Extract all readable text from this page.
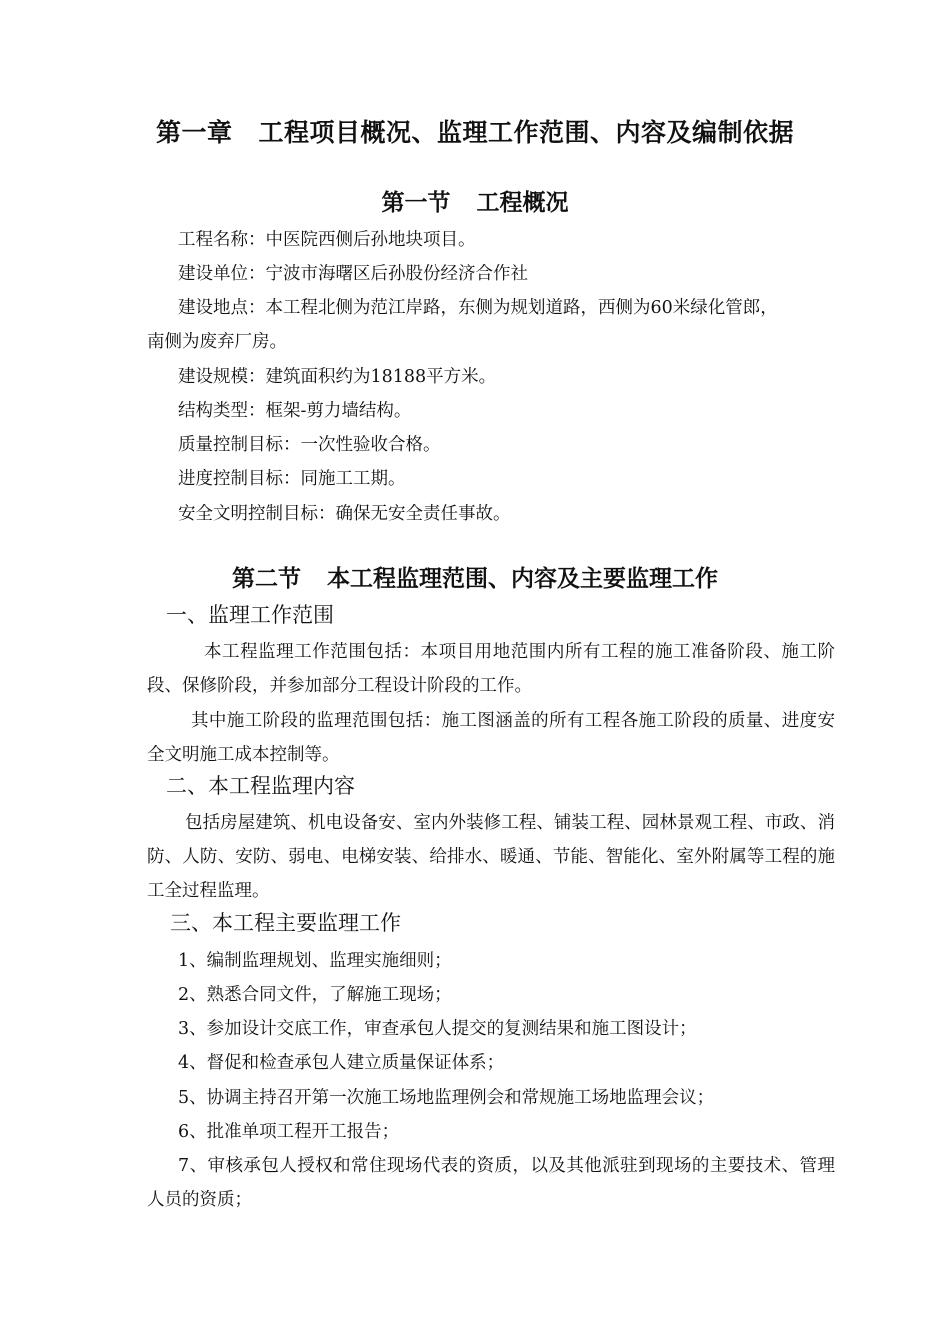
第一章 工程项目概况、监理工作范围、内容及编制依据
第一节 工程概况
工程名称：中医院西侧后孙地块项目。
建设单位：宁波市海曙区后孙股份经济合作社
建设地点：本工程北侧为范江岸路，东侧为规划道路，西侧为60米绿化管郎，
南侧为废弃厂房。
建设规模：建筑面积约为18188平方米。
结构类型：框架-剪力墙结构。
质量控制目标：一次性验收合格。
进度控制目标：同施工工期。
安全文明控制目标：确保无安全责任事故。
第二节 本工程监理范围、内容及主要监理工作
一、监理工作范围
本工程监理工作范围包括：本项目用地范围内所有工程的施工准备阶段、施工阶段、保修阶段，并参加部分工程设计阶段的工作。
其中施工阶段的监理范围包括：施工图涵盖的所有工程各施工阶段的质量、进度安全文明施工成本控制等。
二、本工程监理内容
包括房屋建筑、机电设备安、室内外装修工程、铺装工程、园林景观工程、市政、消防、人防、安防、弱电、电梯安装、给排水、暖通、节能、智能化、室外附属等工程的施工全过程监理。
三、本工程主要监理工作
1、编制监理规划、监理实施细则；
2、熟悉合同文件，了解施工现场；
3、参加设计交底工作，审查承包人提交的复测结果和施工图设计；
4、督促和检查承包人建立质量保证体系；
5、协调主持召开第一次施工场地监理例会和常规施工场地监理会议；
6、批准单项工程开工报告；
7、审核承包人授权和常住现场代表的资质，以及其他派驻到现场的主要技术、管理人员的资质；
